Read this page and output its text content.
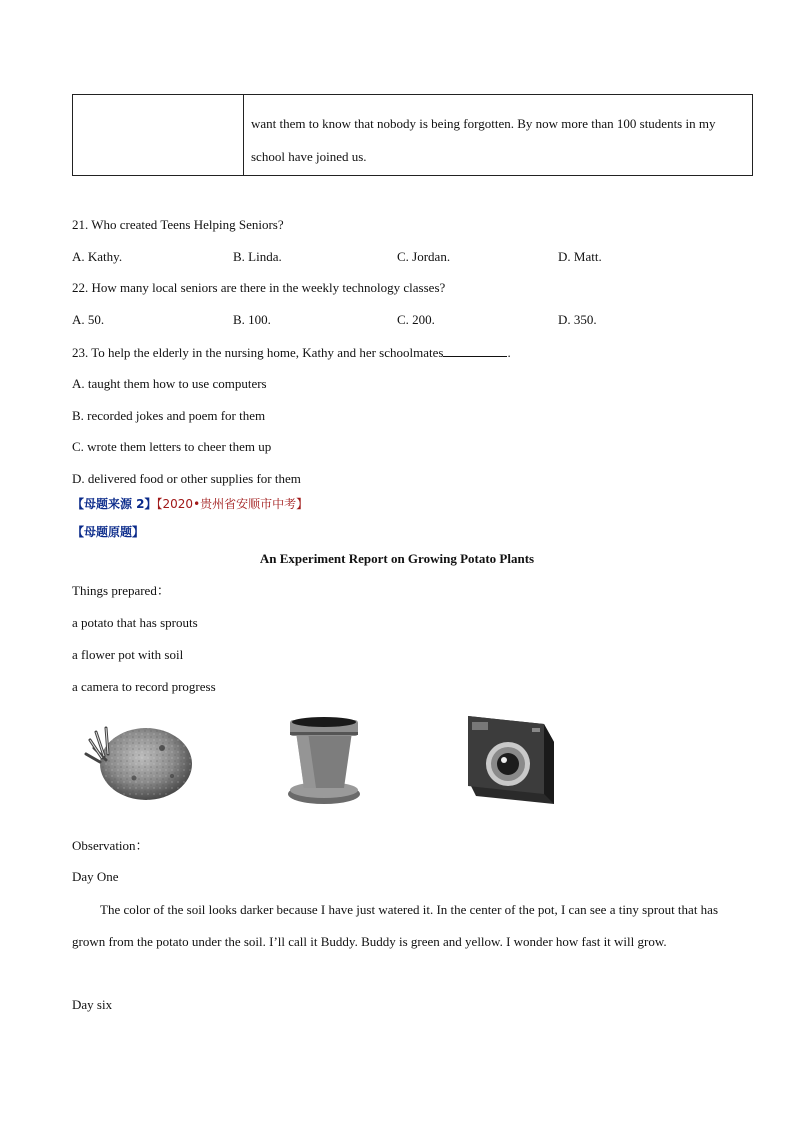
	want them to know that nobody is being forgotten. By now more than 100 students in my school have joined us.
21. Who created Teens Helping Seniors?
A. Kathy.	B. Linda.	C. Jordan.	D. Matt.
22. How many local seniors are there in the weekly technology classes?
A. 50.	B. 100.	C. 200.	D. 350.
23. To help the elderly in the nursing home, Kathy and her schoolmates	.
A. taught them how to use computers
B. recorded jokes and poem for them
C. wrote them letters to cheer them up
D. delivered food or other supplies for them
【母题来源 2】【2020•贵州省安顺市中考】
【母题原题】
An Experiment Report on Growing Potato Plants
Things prepared：
a potato that has sprouts
a flower pot with soil
a camera to record progress
Observation：
Day One
The color of the soil looks darker because I have just watered it. In the center of the pot, I can see a tiny sprout that has grown from the potato under the soil. I’ll call it Buddy. Buddy is green and yellow. I wonder how fast it will grow.
Day six
